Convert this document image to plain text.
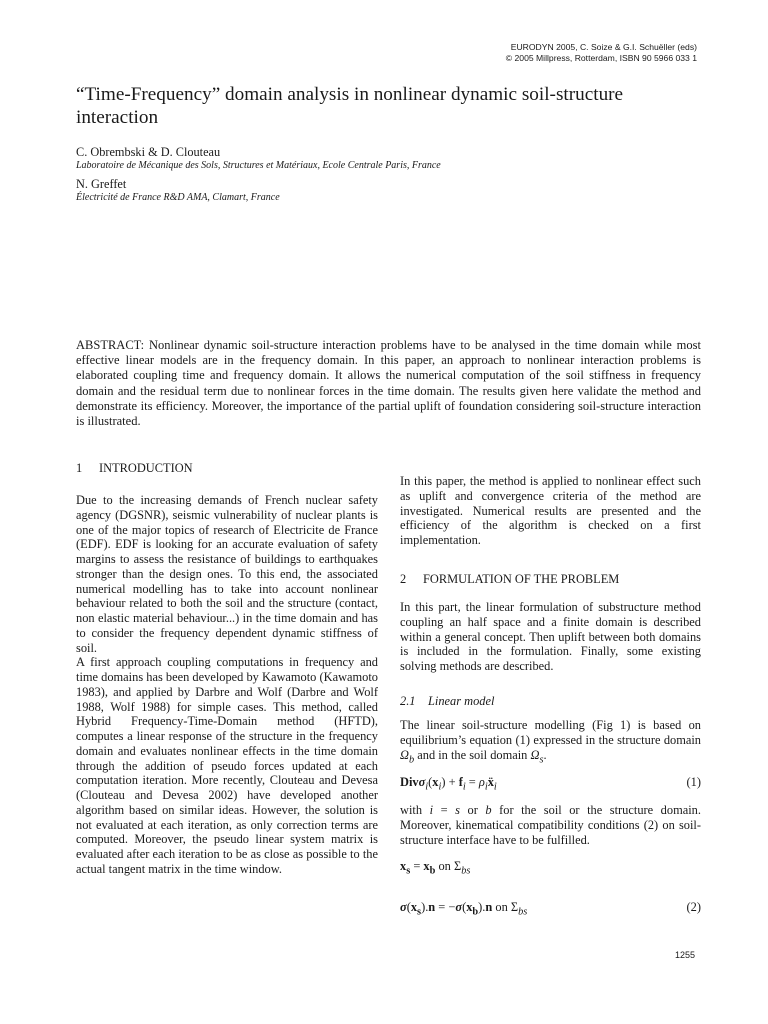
EURODYN 2005, C. Soize & G.I. Schuëller (eds)
© 2005 Millpress, Rotterdam, ISBN 90 5966 033 1
“Time-Frequency” domain analysis in nonlinear dynamic soil-structure interaction
C. Obrembski & D. Clouteau
Laboratoire de Mécanique des Sols, Structures et Matériaux, Ecole Centrale Paris, France
N. Greffet
Électricité de France R&D AMA, Clamart, France

ABSTRACT: Nonlinear dynamic soil-structure interaction problems have to be analysed in the time domain while most effective linear models are in the frequency domain. In this paper, an approach to nonlinear interaction problems is elaborated coupling time and frequency domain. It allows the numerical computation of the soil stiffness in frequency domain and the residual term due to nonlinear forces in the time domain. The results given here validate the method and demonstrate its efficiency. Moreover, the importance of the partial uplift of foundation considering soil-structure interaction is illustrated.

1 INTRODUCTION

Due to the increasing demands of French nuclear safety agency (DGSNR), seismic vulnerability of nuclear plants is one of the major topics of research of Electricite de France (EDF). EDF is looking for an accurate evaluation of safety margins to assess the resistance of buildings to earthquakes stronger than the design ones. To this end, the associated numerical modelling has to take into account nonlinear behaviour related to both the soil and the structure (contact, non elastic material behaviour...) in the time domain and has to consider the frequency dependent dynamic stiffness of soil.

A first approach coupling computations in frequency and time domains has been developed by Kawamoto (Kawamoto 1983), and applied by Darbre and Wolf (Darbre and Wolf 1988, Wolf 1988) for simple cases. This method, called Hybrid Frequency-Time-Domain method (HFTD), computes a linear response of the structure in the frequency domain and evaluates nonlinear effects in the time domain through the addition of pseudo forces updated at each computation iteration. More recently, Clouteau and Devesa (Clouteau and Devesa 2002) have developed another algorithm based on similar ideas. However, the solution is not evaluated at each iteration, as only correction terms are computed. Moreover, the pseudo linear system matrix is evaluated after each iteration to be as close as possible to the actual tangent matrix in the time window.

In this paper, the method is applied to nonlinear effect such as uplift and convergence criteria of the method are investigated. Numerical results are presented and the efficiency of the algorithm is checked on a first implementation.

2 FORMULATION OF THE PROBLEM

In this part, the linear formulation of substructure method coupling an half space and a finite domain is described within a general concept. Then uplift between both domains is included in the formulation. Finally, some existing solving methods are described.

2.1 Linear model

The linear soil-structure modelling (Fig 1) is based on equilibrium’s equation (1) expressed in the structure domain $\Omega_b$ and in the soil domain $\Omega_s$.

$Div\sigma_i(x_i) + f_i$ = $\rho_iẍ_i$	(1)

with i = s or b for the soil or the structure domain. Moreover, kinematical compatibility conditions (2) on soil-structure interface have to be fulfilled.

$x_s = x_b$ on $\Sigma_{bs}$
$\sigma(x_s).n = -\sigma(x_b).n$ on $\Sigma_{bs}$	(2)
1255
